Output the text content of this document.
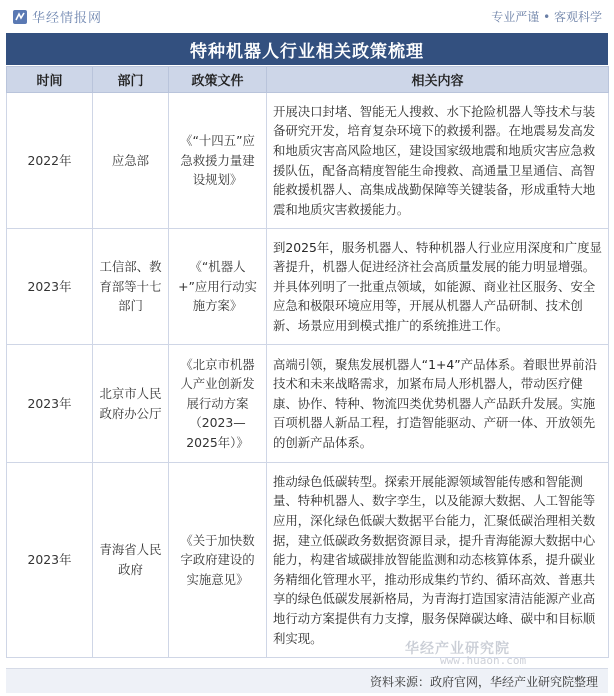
华经情报网	专业严谨 • 客观科学
特种机器人行业相关政策梳理
时间	部门	政策文件	相关内容
2022年	应急部	《“十四五”应急救援力量建设规划》	开展决口封堵、智能无人搜救、水下抢险机器人等技术与装备研究开发，培育复杂环境下的救援利器。在地震易发高发和地质灾害高风险地区，建设国家级地震和地质灾害应急救援队伍，配备高精度智能生命搜救、高通量卫星通信、高智能救援机器人、高集成战勤保障等关键装备，形成重特大地震和地质灾害救援能力。
2023年	工信部、教育部等十七部门	《“机器人+”应用行动实施方案》	到2025年，服务机器人、特种机器人行业应用深度和广度显著提升，机器人促进经济社会高质量发展的能力明显增强。并具体列明了一批重点领域，如能源、商业社区服务、安全应急和极限环境应用等，开展从机器人产品研制、技术创新、场景应用到模式推广的系统推进工作。
2023年	北京市人民政府办公厅	《北京市机器人产业创新发展行动方案（2023—2025年）》	高端引领，聚焦发展机器人“1+4”产品体系。着眼世界前沿技术和未来战略需求，加紧布局人形机器人，带动医疗健康、协作、特种、物流四类优势机器人产品跃升发展。实施百项机器人新品工程，打造智能驱动、产研一体、开放领先的创新产品体系。
2023年	青海省人民政府	《关于加快数字政府建设的实施意见》	推动绿色低碳转型。探索开展能源领域智能传感和智能测量、特种机器人、数字孪生，以及能源大数据、人工智能等应用，深化绿色低碳大数据平台能力，汇聚低碳治理相关数据，建立低碳政务数据资源目录，提升青海能源大数据中心能力，构建省域碳排放智能监测和动态核算体系，提升碳业务精细化管理水平，推动形成集约节约、循环高效、普惠共享的绿色低碳发展新格局，为青海打造国家清洁能源产业高地行动方案提供有力支撑，服务保障碳达峰、碳中和目标顺利实现。
华经产业研究院
www.huaon.com
资料来源：政府官网，华经产业研究院整理
